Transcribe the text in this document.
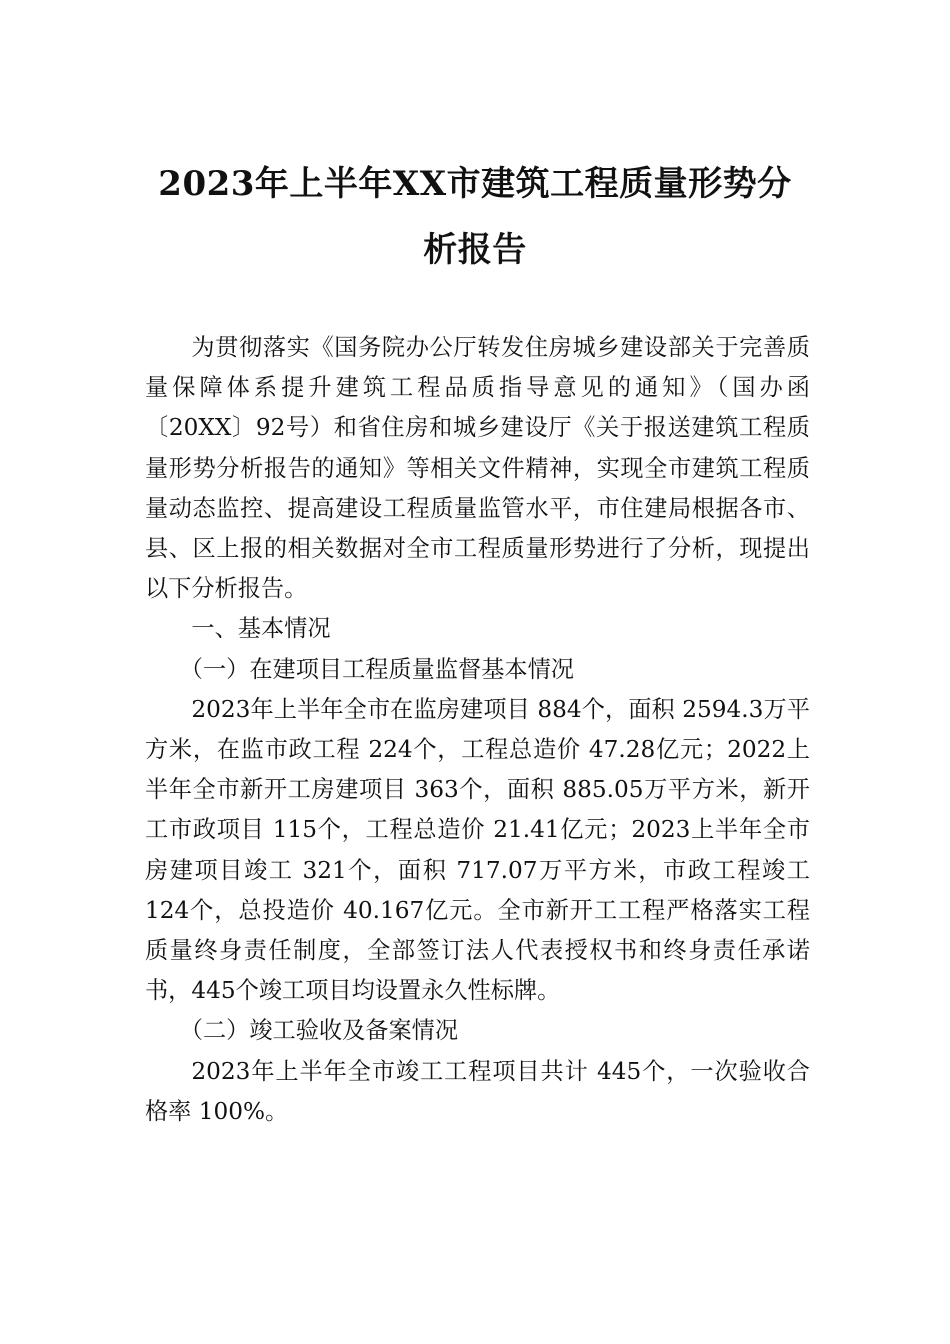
2023年上半年XX市建筑工程质量形势分
析报告

为贯彻落实《国务院办公厅转发住房城乡建设部关于完善质量保障体系提升建筑工程品质指导意见的通知》（国办函〔20XX〕92号）和省住房和城乡建设厅《关于报送建筑工程质量形势分析报告的通知》等相关文件精神，实现全市建筑工程质量动态监控、提高建设工程质量监管水平，市住建局根据各市、县、区上报的相关数据对全市工程质量形势进行了分析，现提出以下分析报告。

一、基本情况

（一）在建项目工程质量监督基本情况

2023年上半年全市在监房建项目 884个，面积 2594.3万平方米，在监市政工程 224个，工程总造价 47.28亿元；2022上半年全市新开工房建项目 363个，面积 885.05万平方米，新开工市政项目 115个，工程总造价 21.41亿元；2023上半年全市房建项目竣工 321个，面积 717.07万平方米，市政工程竣工 124个，总投造价 40.167亿元。全市新开工工程严格落实工程质量终身责任制度，全部签订法人代表授权书和终身责任承诺书，445个竣工项目均设置永久性标牌。

（二）竣工验收及备案情况

2023年上半年全市竣工工程项目共计 445个，一次验收合格率 100%。
